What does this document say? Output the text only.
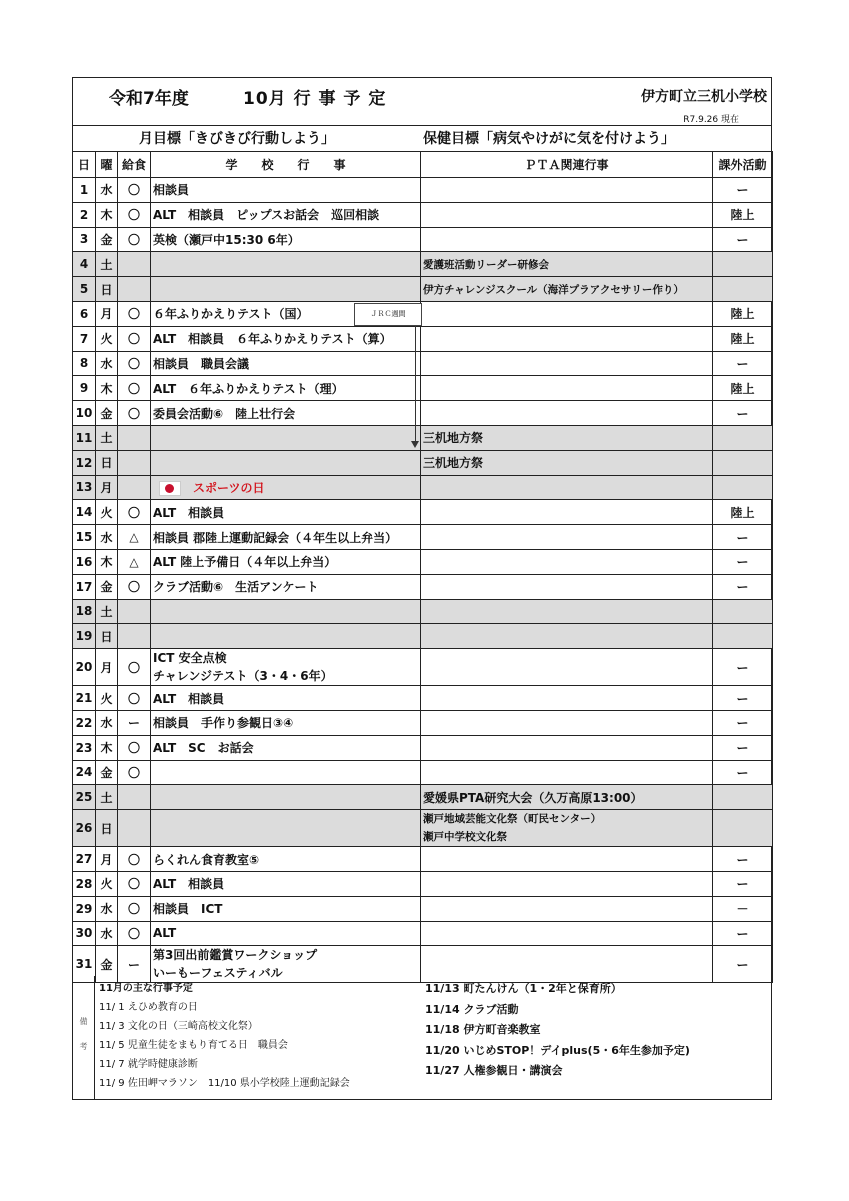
令和7年度	10月 行 事 予 定	伊方町立三机小学校
R7.9.26 現在
月目標「きびきび行動しよう」	保健目標「病気やけがに気を付けよう」
日	曜	給食	学　　校　　行　　事	ＰＴＡ関連行事	課外活動
1	水	〇	相談員		ー
2	木	〇	ALT　相談員　ピップスお話会　巡回相談		陸上
3	金	〇	英検（瀬戸中15:30 6年）		ー
4	土			愛護班活動リーダー研修会	
5	日			伊方チャレンジスクール（海洋プラアクセサリー作り）	
6	月	〇	６年ふりかえりテスト（国）		陸上
7	火	〇	ALT　相談員　６年ふりかえりテスト（算）		陸上
8	水	〇	相談員　職員会議		ー
9	木	〇	ALT　６年ふりかえりテスト（理）		陸上
10	金	〇	委員会活動⑥　陸上壮行会		ー
11	土			三机地方祭	
12	日			三机地方祭	
13	月		スポーツの日		
14	火	〇	ALT　相談員		陸上
15	水	△	相談員 郡陸上運動記録会（４年生以上弁当）		ー
16	木	△	ALT 陸上予備日（４年以上弁当）		ー
17	金	〇	クラブ活動⑥　生活アンケート		ー
18	土				
19	日				
20	月	〇	ICT 安全点検
チャレンジテスト（3・4・6年）		ー
21	火	〇	ALT　相談員		ー
22	水	ー	相談員　手作り参観日③④		ー
23	木	〇	ALT　SC　お話会		ー
24	金	〇			ー
25	土			愛媛県PTA研究大会（久万高原13:00）	
26	日			瀬戸地域芸能文化祭（町民センター）
瀬戸中学校文化祭	

27	月	〇	らくれん食育教室⑤		ー
28	火	〇	ALT　相談員		ー
29	水	〇	相談員　ICT		－
30	水	〇	ALT		ー
31	金	ー	第3回出前鑑賞ワークショップ
いーもーフェスティバル		ー
ＪＲＣ週間
備
考
11月の主な行事予定
11/ 1 えひめ教育の日
11/ 3 文化の日（三崎高校文化祭）
11/ 5 児童生徒をまもり育てる日　職員会
11/ 7 就学時健康診断
11/ 9 佐田岬マラソン　11/10 県小学校陸上運動記録会
11/13 町たんけん（1・2年と保育所）
11/14 クラブ活動
11/18 伊方町音楽教室
11/20 いじめSTOP！デイplus(5・6年生参加予定)
11/27 人権参観日・講演会
